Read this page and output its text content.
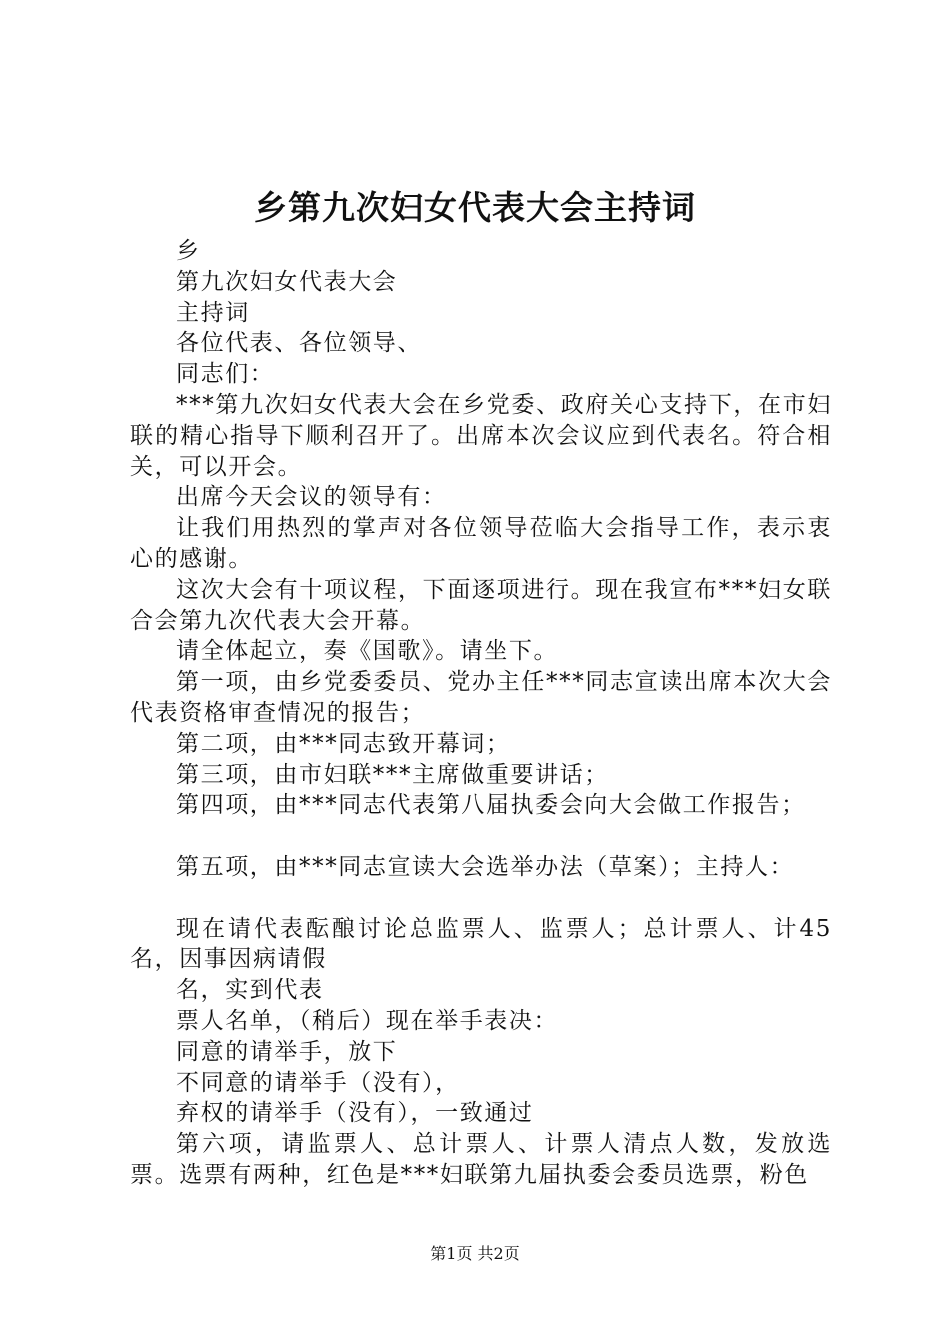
乡第九次妇女代表大会主持词

乡

第九次妇女代表大会

主持词

各位代表、各位领导、

同志们：

***第九次妇女代表大会在乡党委、政府关心支持下，在市妇联的精心指导下顺利召开了。出席本次会议应到代表名。符合相关，可以开会。

出席今天会议的领导有：

让我们用热烈的掌声对各位领导莅临大会指导工作，表示衷心的感谢。

这次大会有十项议程，下面逐项进行。现在我宣布***妇女联合会第九次代表大会开幕。

请全体起立，奏《国歌》。请坐下。

第一项，由乡党委委员、党办主任***同志宣读出席本次大会代表资格审查情况的报告；

第二项，由***同志致开幕词；

第三项，由市妇联***主席做重要讲话；

第四项，由***同志代表第八届执委会向大会做工作报告；

第五项，由***同志宣读大会选举办法（草案）；主持人：

现在请代表酝酿讨论总监票人、监票人；总计票人、计45名，因事因病请假

名，实到代表

票人名单，（稍后）现在举手表决：

同意的请举手，放下

不同意的请举手（没有），

弃权的请举手（没有），一致通过

第六项，请监票人、总计票人、计票人清点人数，发放选票。选票有两种，红色是***妇联第九届执委会委员选票，粉色

第1页 共2页
